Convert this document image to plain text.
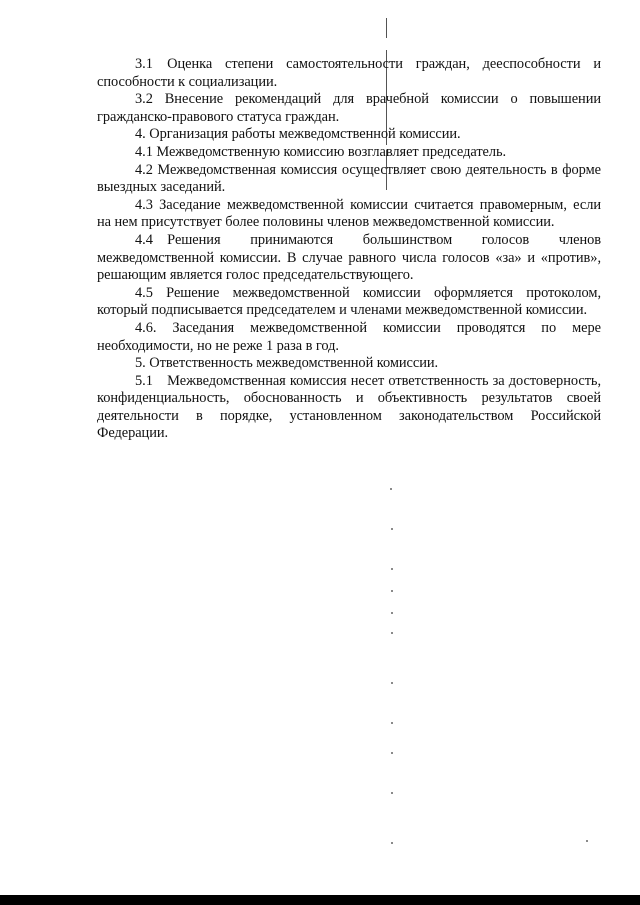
3.1 Оценка степени самостоятельности граждан, дееспособности и способности к социализации.

3.2 Внесение рекомендаций для врачебной комиссии о повышении гражданско-правового статуса граждан.

4. Организация работы межведомственной комиссии.

4.1 Межведомственную комиссию возглавляет председатель.

4.2 Межведомственная комиссия осуществляет свою деятельность в форме выездных заседаний.

4.3 Заседание межведомственной комиссии считается правомерным, если на нем присутствует более половины членов межведомственной комиссии.

4.4 Решения принимаются большинством голосов членов межведомственной комиссии. В случае равного числа голосов «за» и «против», решающим является голос председательствующего.

4.5 Решение межведомственной комиссии оформляется протоколом, который подписывается председателем и членами межведомственной комиссии.

4.6. Заседания межведомственной комиссии проводятся по мере необходимости, но не реже 1 раза в год.

5. Ответственность межведомственной комиссии.

5.1 Межведомственная комиссия несет ответственность за достоверность, конфиденциальность, обоснованность и объективность результатов своей деятельности в порядке, установленном законодательством Российской Федерации.
